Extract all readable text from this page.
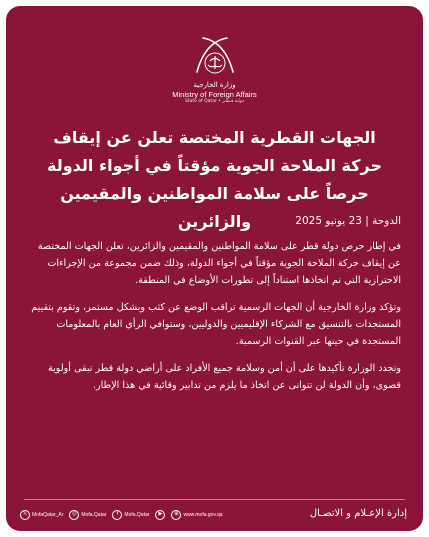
وزارة الخارجية
Ministry of Foreign Affairs
State of Qatar • دولـة قـطـر
الجهات القطرية المختصة تعلن عن إيقاف
حركة الملاحة الجوية مؤقتاً في أجواء الدولة
حرصاً على سلامة المواطنين والمقيمين والزائرين	الدوحة | 23 يونيو 2025

في إطار حرص دولة قطر على سلامة المواطنين والمقيمين والزائرين، تعلن الجهات المختصة عن إيقاف حركة الملاحة الجوية مؤقتاً في أجواء الدولة، وذلك ضمن مجموعة من الإجراءات الاحترازية التي تم اتخاذها استناداً إلى تطورات الأوضاع في المنطقة.

وتؤكد وزارة الخارجية أن الجهات الرسمية تراقب الوضع عن كثب وبشكل مستمر، وتقوم بتقييم المستجدات بالتنسيق مع الشركاء الإقليميين والدوليين، وستوافي الرأي العام بالمعلومات المستجدة في حينها عبر القنوات الرسمية.

وتجدد الوزارة تأكيدها على أن أمن وسلامة جميع الأفراد على أراضي دولة قطر تبقى أولوية قصوى، وأن الدولة لن تتوانى عن اتخاذ ما يلزم من تدابير وقائية في هذا الإطار.

𝕏 MofaQatar_Ar	◎ Mofa.Qatar	f	Mofa.Qatar	▶	⊕ www.mofa.gov.qa	إدارة الإعـلام و الاتصـال
